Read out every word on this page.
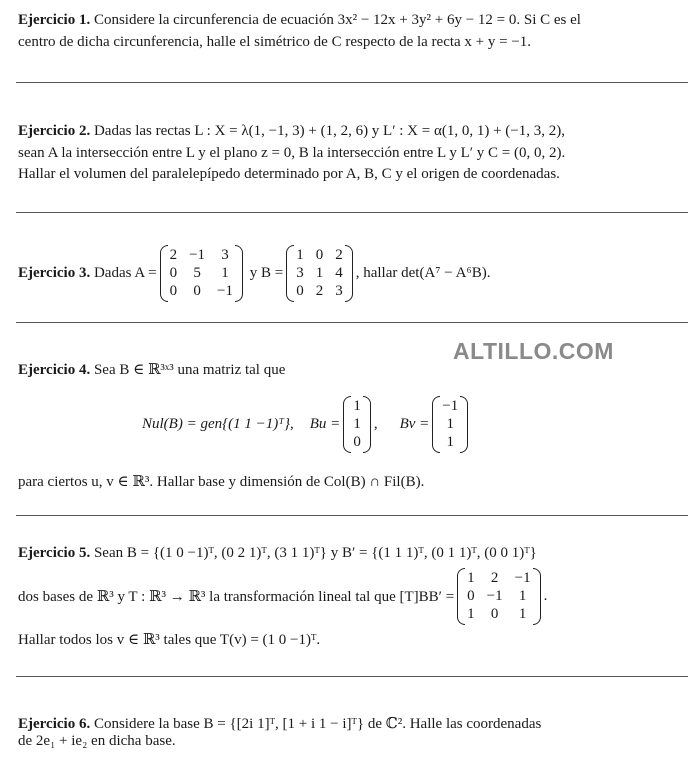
ALTILLO.COM
Ejercicio 1. Considere la circunferencia de ecuación 3x² − 12x + 3y² + 6y − 12 = 0. Si C es el
centro de dicha circunferencia, halle el simétrico de C respecto de la recta x + y = −1.
Ejercicio 2. Dadas las rectas L : X = λ(1, −1, 3) + (1, 2, 6) y L′ : X = α(1, 0, 1) + (−1, 3, 2),
sean A la intersección entre L y el plano z = 0, B la intersección entre L y L′ y C = (0, 0, 2).
Hallar el volumen del paralelepípedo determinado por A, B, C y el origen de coordenadas.
Ejercicio 3. Dadas A =
2 −1 3
0 5 1
0 0 −1
y B =
1 0 2
3 1 4
0 2 3
, hallar det(A⁷ − A⁶B).
Ejercicio 4. Sea B ∈ ℝ³ˣ³ una matriz tal que
Nul(B) = gen{(1 1 −1)ᵀ}, Bu =
1
1
0
, Bv =
−1
1
1
para ciertos u, v ∈ ℝ³. Hallar base y dimensión de Col(B) ∩ Fil(B).
Ejercicio 5. Sean B = {(1 0 −1)ᵀ, (0 2 1)ᵀ, (3 1 1)ᵀ} y B′ = {(1 1 1)ᵀ, (0 1 1)ᵀ, (0 0 1)ᵀ}
dos bases de ℝ³ y T : ℝ³ → ℝ³ la transformación lineal tal que [T]BB′ =
1 2 −1
0 −1 1
1 0 1
.
Hallar todos los v ∈ ℝ³ tales que T(v) = (1 0 −1)ᵀ.
Ejercicio 6. Considere la base B = {[2i 1]ᵀ, [1 + i 1 − i]ᵀ} de ℂ². Halle las coordenadas
de 2e₁ + ie₂ en dicha base.
